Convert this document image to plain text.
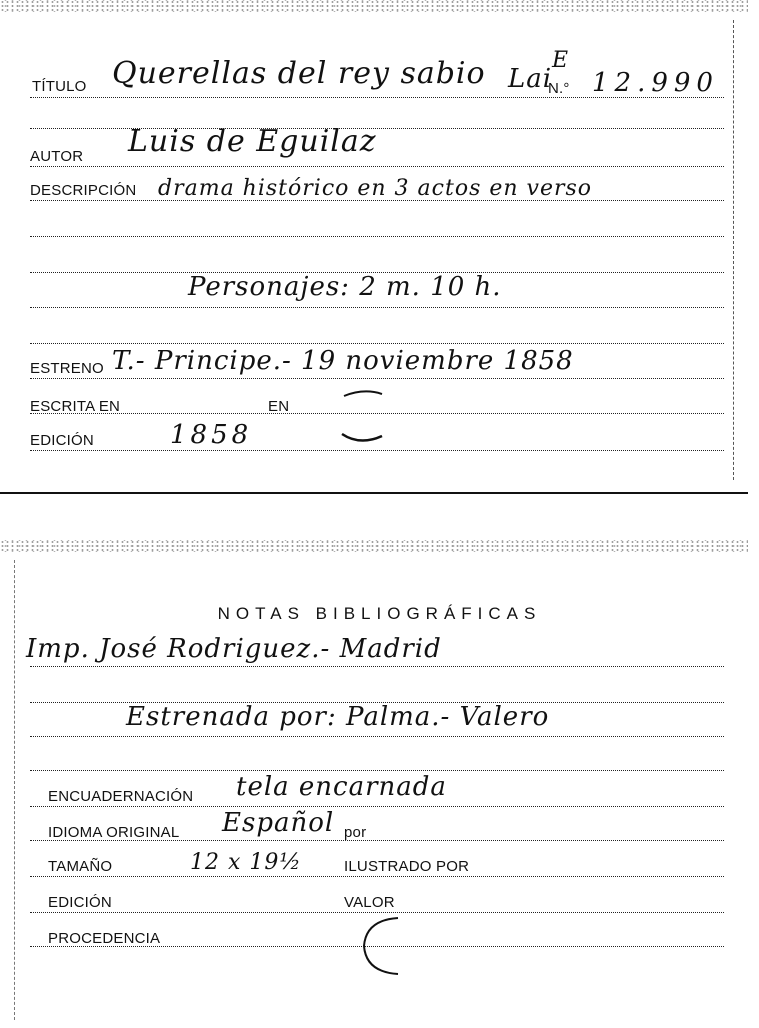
TÍTULO Querellas del rey sabio Lai
E
N.° 12.990
AUTOR Luis de Eguilaz
DESCRIPCIÓN drama histórico en 3 actos en verso
Personajes: 2 m. 10 h.
ESTRENO T.- Principe.- 19 noviembre 1858
ESCRITA EN	EN
EDICIÓN	1858
NOTAS BIBLIOGRÁFICAS
Imp. José Rodriguez.- Madrid
Estrenada por: Palma.- Valero
ENCUADERNACIÓN tela encarnada
IDIOMA ORIGINAL Español por
TAMAÑO	12 x 19½	ILUSTRADO POR
EDICIÓN	VALOR
PROCEDENCIA
